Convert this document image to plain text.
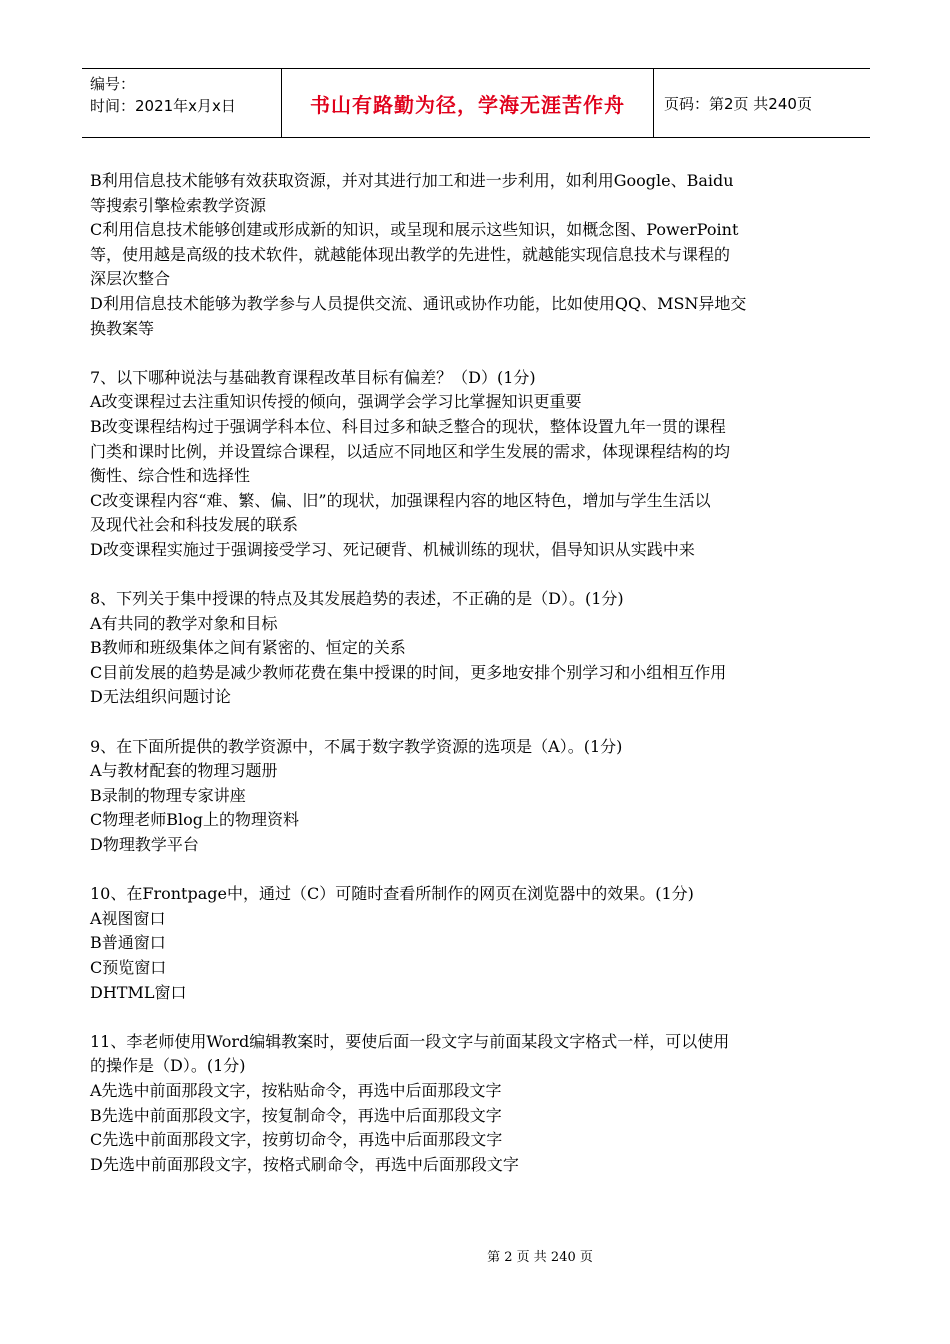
编号：
时间：2021年x月x日	书山有路勤为径，学海无涯苦作舟	页码：第2页 共240页
B利用信息技术能够有效获取资源，并对其进行加工和进一步利用，如利用Google、Baidu
等搜索引擎检索教学资源
C利用信息技术能够创建或形成新的知识，或呈现和展示这些知识，如概念图、PowerPoint
等，使用越是高级的技术软件，就越能体现出教学的先进性，就越能实现信息技术与课程的
深层次整合
D利用信息技术能够为教学参与人员提供交流、通讯或协作功能，比如使用QQ、MSN异地交
换教案等
7、以下哪种说法与基础教育课程改革目标有偏差？（D）(1分)
A改变课程过去注重知识传授的倾向，强调学会学习比掌握知识更重要
B改变课程结构过于强调学科本位、科目过多和缺乏整合的现状，整体设置九年一贯的课程
门类和课时比例，并设置综合课程，以适应不同地区和学生发展的需求，体现课程结构的均
衡性、综合性和选择性
C改变课程内容“难、繁、偏、旧”的现状，加强课程内容的地区特色，增加与学生生活以
及现代社会和科技发展的联系
D改变课程实施过于强调接受学习、死记硬背、机械训练的现状，倡导知识从实践中来
8、下列关于集中授课的特点及其发展趋势的表述，不正确的是（D）。(1分)
A有共同的教学对象和目标
B教师和班级集体之间有紧密的、恒定的关系
C目前发展的趋势是减少教师花费在集中授课的时间，更多地安排个别学习和小组相互作用
D无法组织问题讨论
9、在下面所提供的教学资源中，不属于数字教学资源的选项是（A）。(1分)
A与教材配套的物理习题册
B录制的物理专家讲座
C物理老师Blog上的物理资料
D物理教学平台
10、在Frontpage中，通过（C）可随时查看所制作的网页在浏览器中的效果。(1分)
A视图窗口
B普通窗口
C预览窗口
DHTML窗口
11、李老师使用Word编辑教案时，要使后面一段文字与前面某段文字格式一样，可以使用
的操作是（D）。(1分)
A先选中前面那段文字，按粘贴命令，再选中后面那段文字
B先选中前面那段文字，按复制命令，再选中后面那段文字
C先选中前面那段文字，按剪切命令，再选中后面那段文字
D先选中前面那段文字，按格式刷命令，再选中后面那段文字
第 2 页 共 240 页
